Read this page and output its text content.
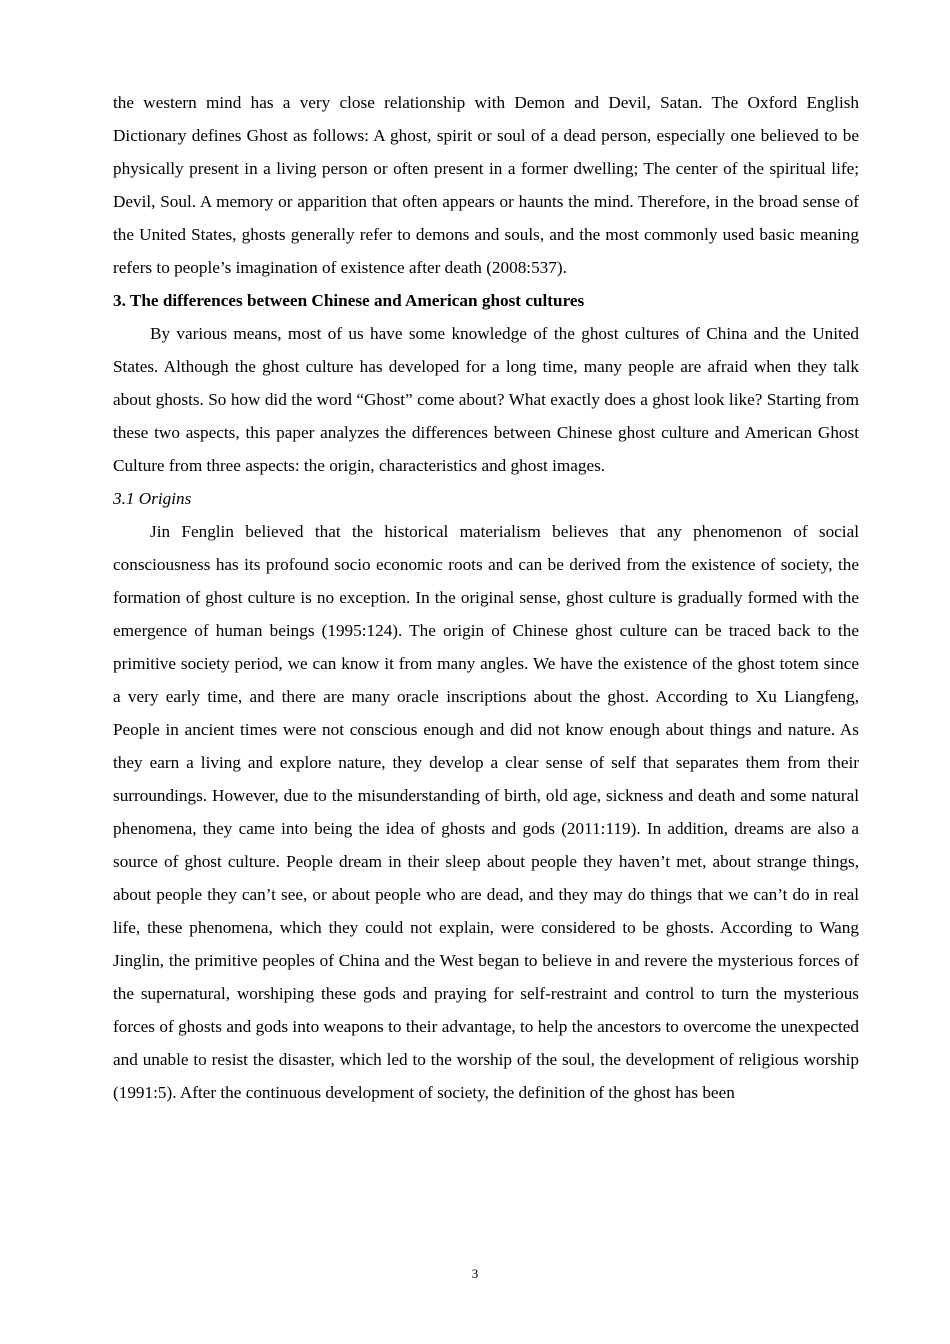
the western mind has a very close relationship with Demon and Devil, Satan. The Oxford English Dictionary defines Ghost as follows: A ghost, spirit or soul of a dead person, especially one believed to be physically present in a living person or often present in a former dwelling; The center of the spiritual life; Devil, Soul. A memory or apparition that often appears or haunts the mind. Therefore, in the broad sense of the United States, ghosts generally refer to demons and souls, and the most commonly used basic meaning refers to people’s imagination of existence after death (2008:537).

3. The differences between Chinese and American ghost cultures

By various means, most of us have some knowledge of the ghost cultures of China and the United States. Although the ghost culture has developed for a long time, many people are afraid when they talk about ghosts. So how did the word “Ghost” come about? What exactly does a ghost look like? Starting from these two aspects, this paper analyzes the differences between Chinese ghost culture and American Ghost Culture from three aspects: the origin, characteristics and ghost images.

3.1 Origins

Jin Fenglin believed that the historical materialism believes that any phenomenon of social consciousness has its profound socio economic roots and can be derived from the existence of society, the formation of ghost culture is no exception. In the original sense, ghost culture is gradually formed with the emergence of human beings (1995:124). The origin of Chinese ghost culture can be traced back to the primitive society period, we can know it from many angles. We have the existence of the ghost totem since a very early time, and there are many oracle inscriptions about the ghost. According to Xu Liangfeng, People in ancient times were not conscious enough and did not know enough about things and nature. As they earn a living and explore nature, they develop a clear sense of self that separates them from their surroundings. However, due to the misunderstanding of birth, old age, sickness and death and some natural phenomena, they came into being the idea of ghosts and gods (2011:119). In addition, dreams are also a source of ghost culture. People dream in their sleep about people they haven’t met, about strange things, about people they can’t see, or about people who are dead, and they may do things that we can’t do in real life, these phenomena, which they could not explain, were considered to be ghosts. According to Wang Jinglin, the primitive peoples of China and the West began to believe in and revere the mysterious forces of the supernatural, worshiping these gods and praying for self-restraint and control to turn the mysterious forces of ghosts and gods into weapons to their advantage, to help the ancestors to overcome the unexpected and unable to resist the disaster, which led to the worship of the soul, the development of religious worship (1991:5). After the continuous development of society, the definition of the ghost has been

3
